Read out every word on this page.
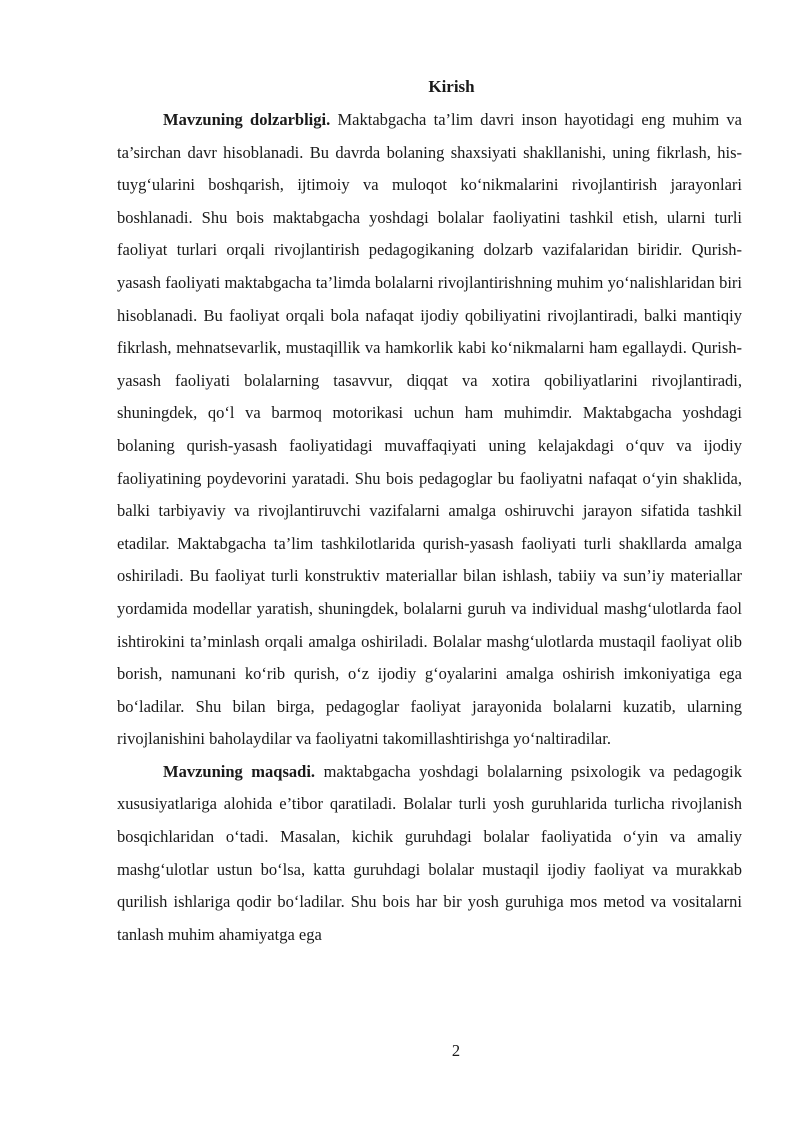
Kirish

Mavzuning dolzarbligi. Maktabgacha ta’lim davri inson hayotidagi eng muhim va ta’sirchan davr hisoblanadi. Bu davrda bolaning shaxsiyati shakllanishi, uning fikrlash, his-tuyg‘ularini boshqarish, ijtimoiy va muloqot ko‘nikmalarini rivojlantirish jarayonlari boshlanadi. Shu bois maktabgacha yoshdagi bolalar faoliyatini tashkil etish, ularni turli faoliyat turlari orqali rivojlantirish pedagogikaning dolzarb vazifalaridan biridir. Qurish-yasash faoliyati maktabgacha ta’limda bolalarni rivojlantirishning muhim yo‘nalishlaridan biri hisoblanadi. Bu faoliyat orqali bola nafaqat ijodiy qobiliyatini rivojlantiradi, balki mantiqiy fikrlash, mehnatsevarlik, mustaqillik va hamkorlik kabi ko‘nikmalarni ham egallaydi. Qurish-yasash faoliyati bolalarning tasavvur, diqqat va xotira qobiliyatlarini rivojlantiradi, shuningdek, qo‘l va barmoq motorikasi uchun ham muhimdir. Maktabgacha yoshdagi bolaning qurish-yasash faoliyatidagi muvaffaqiyati uning kelajakdagi o‘quv va ijodiy faoliyatining poydevorini yaratadi. Shu bois pedagoglar bu faoliyatni nafaqat o‘yin shaklida, balki tarbiyaviy va rivojlantiruvchi vazifalarni amalga oshiruvchi jarayon sifatida tashkil etadilar. Maktabgacha ta’lim tashkilotlarida qurish-yasash faoliyati turli shakllarda amalga oshiriladi. Bu faoliyat turli konstruktiv materiallar bilan ishlash, tabiiy va sun’iy materiallar yordamida modellar yaratish, shuningdek, bolalarni guruh va individual mashg‘ulotlarda faol ishtirokini ta’minlash orqali amalga oshiriladi. Bolalar mashg‘ulotlarda mustaqil faoliyat olib borish, namunani ko‘rib qurish, o‘z ijodiy g‘oyalarini amalga oshirish imkoniyatiga ega bo‘ladilar. Shu bilan birga, pedagoglar faoliyat jarayonida bolalarni kuzatib, ularning rivojlanishini baholaydilar va faoliyatni takomillashtirishga yo‘naltiradilar.

Mavzuning maqsadi. maktabgacha yoshdagi bolalarning psixologik va pedagogik xususiyatlariga alohida e’tibor qaratiladi. Bolalar turli yosh guruhlarida turlicha rivojlanish bosqichlaridan o‘tadi. Masalan, kichik guruhdagi bolalar faoliyatida o‘yin va amaliy mashg‘ulotlar ustun bo‘lsa, katta guruhdagi bolalar mustaqil ijodiy faoliyat va murakkab qurilish ishlariga qodir bo‘ladilar. Shu bois har bir yosh guruhiga mos metod va vositalarni tanlash muhim ahamiyatga ega

2
